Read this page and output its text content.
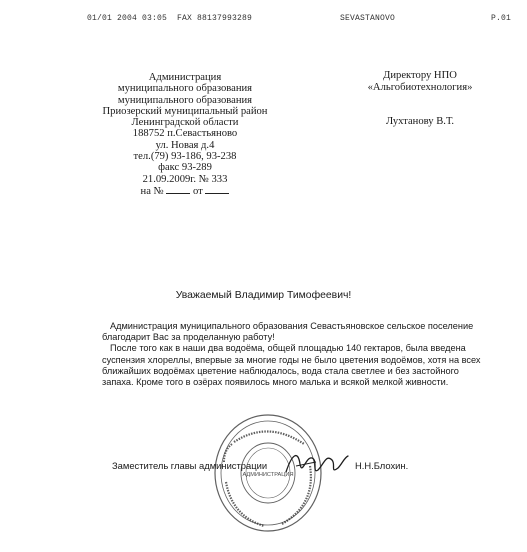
01/01 2004 03:05 FAX 88137993289	SEVASTANOVO	P.01
Администрация
муниципального образования
муниципального образования
Приозерский муниципальный район
Ленинградской области
188752 п.Севастьяново
ул. Новая д.4
тел.(79) 93-186, 93-238
факс 93-289
21.09.2009г. № 333
на №	от
Директору НПО
«Альгобиотехнология»
Лухтанову В.Т.
Уважаемый Владимир Тимофеевич!

Администрация муниципального образования Севастьяновское сельское поселение благодарит Вас за проделанную работу!

После того как в наши два водоёма, общей площадью 140 гектаров, была введена суспензия хлореллы, впервые за многие годы не было цветения водоёмов, хотя на всех ближайших водоёмах цветение наблюдалось, вода стала светлее и без застойного запаха. Кроме того в озёрах появилось много малька и всякой мелкой живности.

АДМИНИСТРАЦИЯ
Заместитель главы администрации	Н.Н.Блохин.
